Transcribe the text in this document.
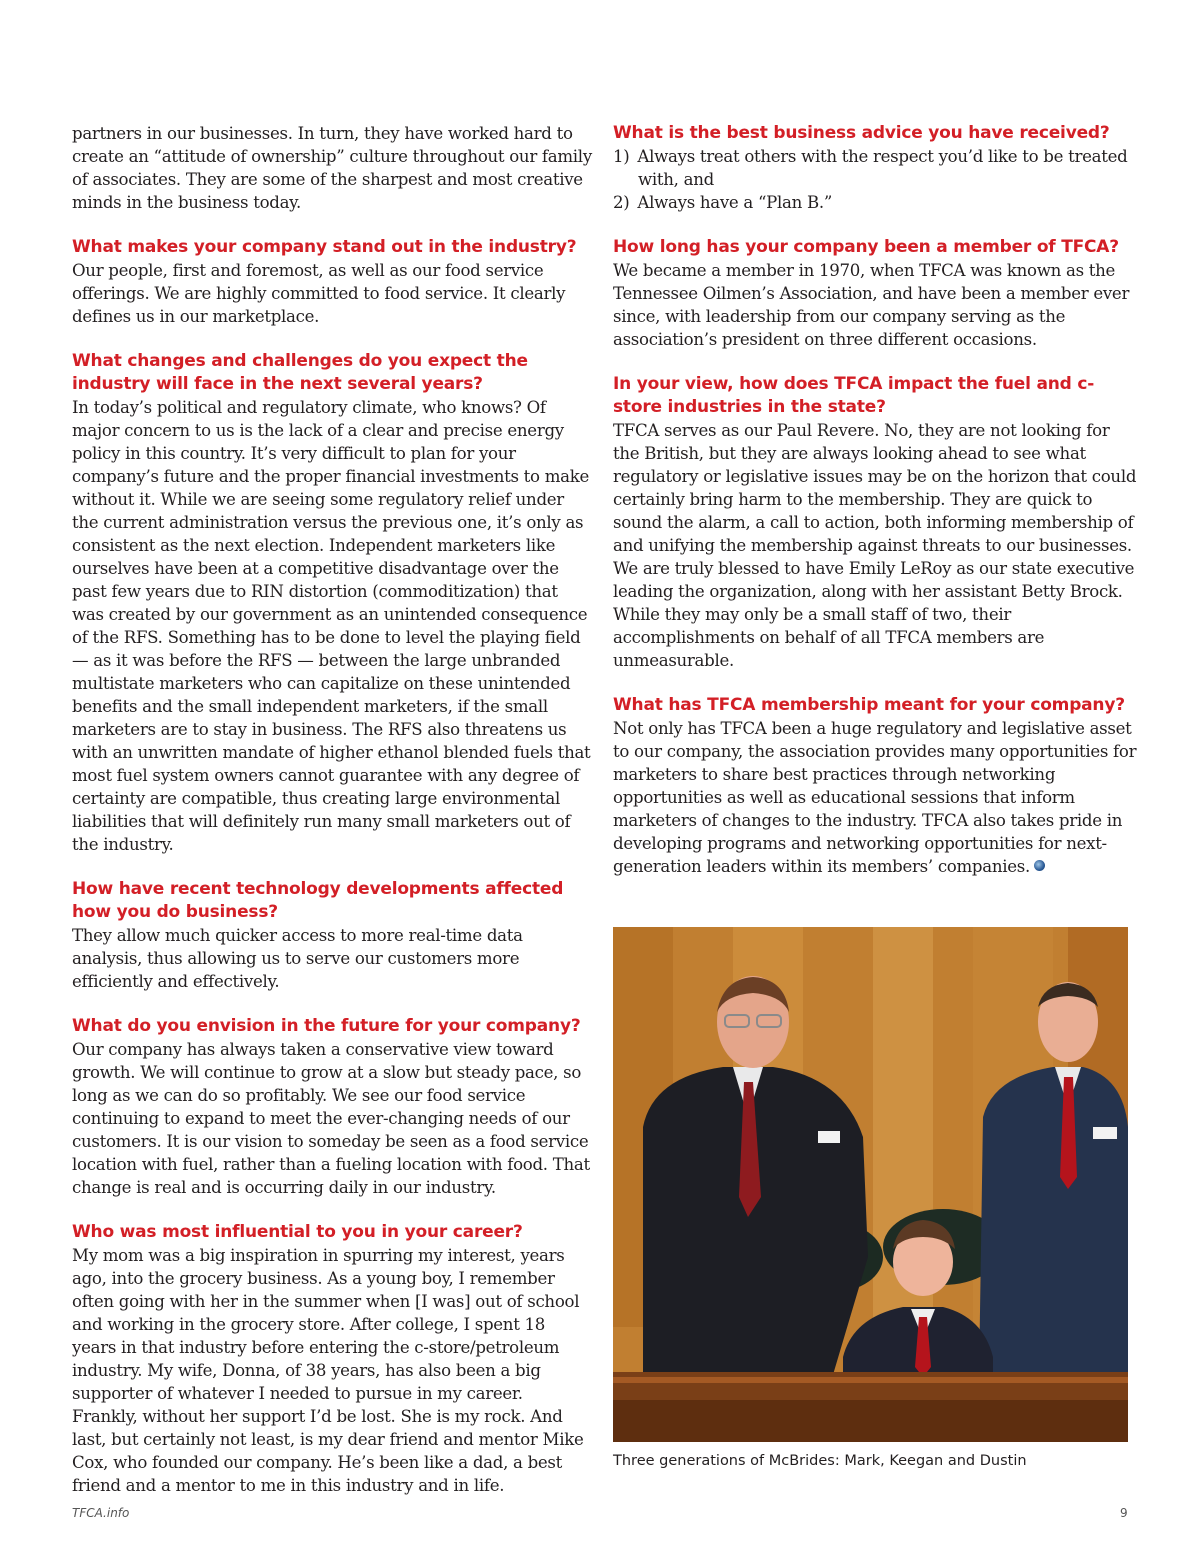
partners in our businesses. In turn, they have worked hard to create an “attitude of ownership” culture throughout our family of associates. They are some of the sharpest and most creative minds in the business today.

What makes your company stand out in the industry?

Our people, first and foremost, as well as our food service offerings. We are highly committed to food service. It clearly defines us in our marketplace.

What changes and challenges do you expect the industry will face in the next several years?

In today’s political and regulatory climate, who knows? Of major concern to us is the lack of a clear and precise energy policy in this country. It’s very difficult to plan for your company’s future and the proper financial investments to make without it. While we are seeing some regulatory relief under the current administration versus the previous one, it’s only as consistent as the next election. Independent marketers like ourselves have been at a competitive disadvantage over the past few years due to RIN distortion (commoditization) that was created by our government as an unintended consequence of the RFS. Something has to be done to level the playing field — as it was before the RFS — between the large unbranded multistate marketers who can capitalize on these unintended benefits and the small independent marketers, if the small marketers are to stay in business. The RFS also threatens us with an unwritten mandate of higher ethanol blended fuels that most fuel system owners cannot guarantee with any degree of certainty are compatible, thus creating large environmental liabilities that will definitely run many small marketers out of the industry.

How have recent technology developments affected how you do business?

They allow much quicker access to more real-time data analysis, thus allowing us to serve our customers more efficiently and effectively.

What do you envision in the future for your company?

Our company has always taken a conservative view toward growth. We will continue to grow at a slow but steady pace, so long as we can do so profitably. We see our food service continuing to expand to meet the ever-changing needs of our customers. It is our vision to someday be seen as a food service location with fuel, rather than a fueling location with food. That change is real and is occurring daily in our industry.

Who was most influential to you in your career?

My mom was a big inspiration in spurring my interest, years ago, into the grocery business. As a young boy, I remember often going with her in the summer when [I was] out of school and working in the grocery store. After college, I spent 18 years in that industry before entering the c-store/petroleum industry. My wife, Donna, of 38 years, has also been a big supporter of whatever I needed to pursue in my career. Frankly, without her support I’d be lost. She is my rock. And last, but certainly not least, is my dear friend and mentor Mike Cox, who founded our company. He’s been like a dad, a best friend and a mentor to me in this industry and in life.

What is the best business advice you have received?

1) Always treat others with the respect you’d like to be treated with, and
2) Always have a “Plan B.”

How long has your company been a member of TFCA?

We became a member in 1970, when TFCA was known as the Tennessee Oilmen’s Association, and have been a member ever since, with leadership from our company serving as the association’s president on three different occasions.

In your view, how does TFCA impact the fuel and c-store industries in the state?

TFCA serves as our Paul Revere. No, they are not looking for the British, but they are always looking ahead to see what regulatory or legislative issues may be on the horizon that could certainly bring harm to the membership. They are quick to sound the alarm, a call to action, both informing membership of and unifying the membership against threats to our businesses. We are truly blessed to have Emily LeRoy as our state executive leading the organization, along with her assistant Betty Brock. While they may only be a small staff of two, their accomplishments on behalf of all TFCA members are unmeasurable.

What has TFCA membership meant for your company?

Not only has TFCA been a huge regulatory and legislative asset to our company, the association provides many opportunities for marketers to share best practices through networking opportunities as well as educational sessions that inform marketers of changes to the industry. TFCA also takes pride in developing programs and networking opportunities for next-generation leaders within its members’ companies.

Three generations of McBrides: Mark, Keegan and Dustin
TFCA.info	9
